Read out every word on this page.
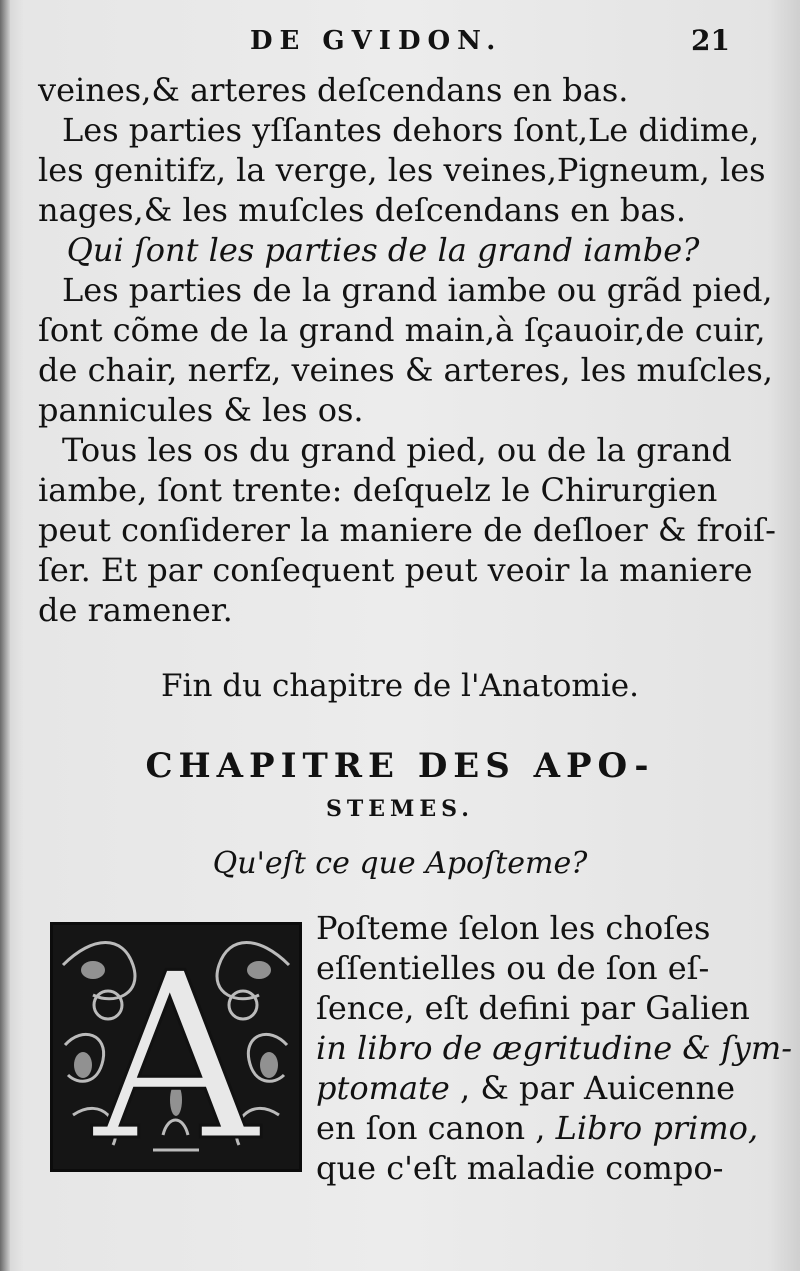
DE GVIDON.	21
veines,& arteres deſcendans en bas.
Les parties yſſantes dehors ſont,Le didime,
les genitifz, la verge, les veines,Pigneum, les
nages,& les muſcles deſcendans en bas.
Qui ſont les parties de la grand iambe?
Les parties de la grand iambe ou grãd pied,
ſont cõme de la grand main,à ſçauoir,de cuir,
de chair, nerfz, veines & arteres, les muſcles,
pannicules & les os.
Tous les os du grand pied, ou de la grand
iambe, ſont trente: deſquelz le Chirurgien
peut conſiderer la maniere de deſloer & froiſ-
ſer. Et par conſequent peut veoir la maniere
de ramener.
Fin du chapitre de l'Anatomie.
CHAPITRE DES APO-
STEMES.
Qu'eſt ce que Apoſteme?
A Poſteme ſelon les choſes
eſſentielles ou de ſon eſ-
ſence, eſt defini par Galien
in libro de ægritudine & ſym-
ptomate , & par Auicenne
en ſon canon , Libro primo,
que c'eſt maladie compo-
